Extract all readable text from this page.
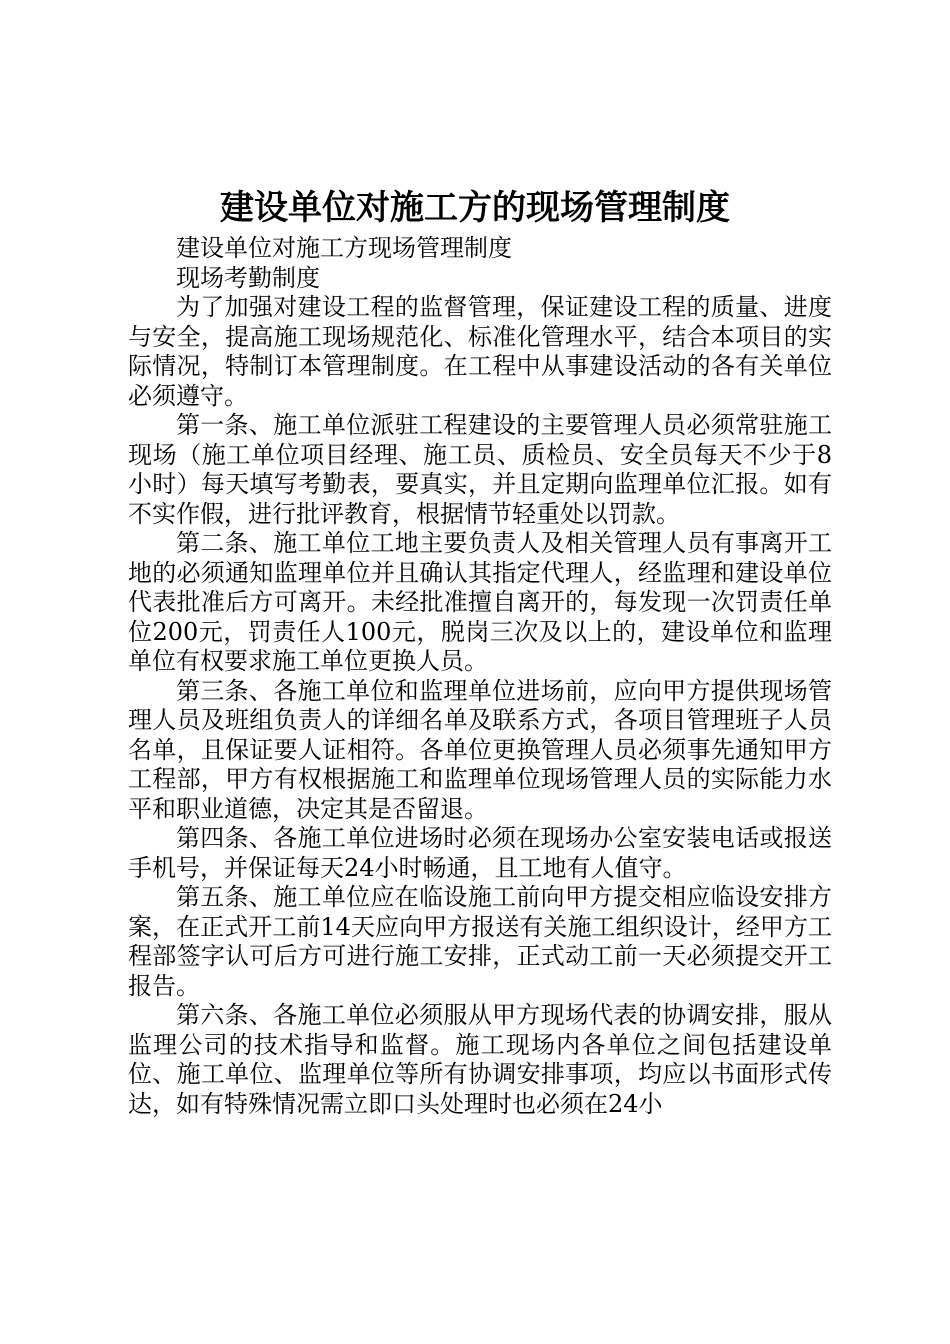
建设单位对施工方的现场管理制度

建设单位对施工方现场管理制度

现场考勤制度

为了加强对建设工程的监督管理，保证建设工程的质量、进度与安全，提高施工现场规范化、标准化管理水平，结合本项目的实际情况，特制订本管理制度。在工程中从事建设活动的各有关单位必须遵守。

第一条、施工单位派驻工程建设的主要管理人员必须常驻施工现场（施工单位项目经理、施工员、质检员、安全员每天不少于8小时）每天填写考勤表，要真实，并且定期向监理单位汇报。如有不实作假，进行批评教育，根据情节轻重处以罚款。

第二条、施工单位工地主要负责人及相关管理人员有事离开工地的必须通知监理单位并且确认其指定代理人，经监理和建设单位代表批准后方可离开。未经批准擅自离开的，每发现一次罚责任单位200元，罚责任人100元，脱岗三次及以上的，建设单位和监理单位有权要求施工单位更换人员。

第三条、各施工单位和监理单位进场前，应向甲方提供现场管理人员及班组负责人的详细名单及联系方式，各项目管理班子人员名单，且保证要人证相符。各单位更换管理人员必须事先通知甲方工程部，甲方有权根据施工和监理单位现场管理人员的实际能力水平和职业道德，决定其是否留退。

第四条、各施工单位进场时必须在现场办公室安装电话或报送手机号，并保证每天24小时畅通，且工地有人值守。

第五条、施工单位应在临设施工前向甲方提交相应临设安排方案，在正式开工前14天应向甲方报送有关施工组织设计，经甲方工程部签字认可后方可进行施工安排，正式动工前一天必须提交开工报告。

第六条、各施工单位必须服从甲方现场代表的协调安排，服从监理公司的技术指导和监督。施工现场内各单位之间包括建设单位、施工单位、监理单位等所有协调安排事项，均应以书面形式传达，如有特殊情况需立即口头处理时也必须在24小
